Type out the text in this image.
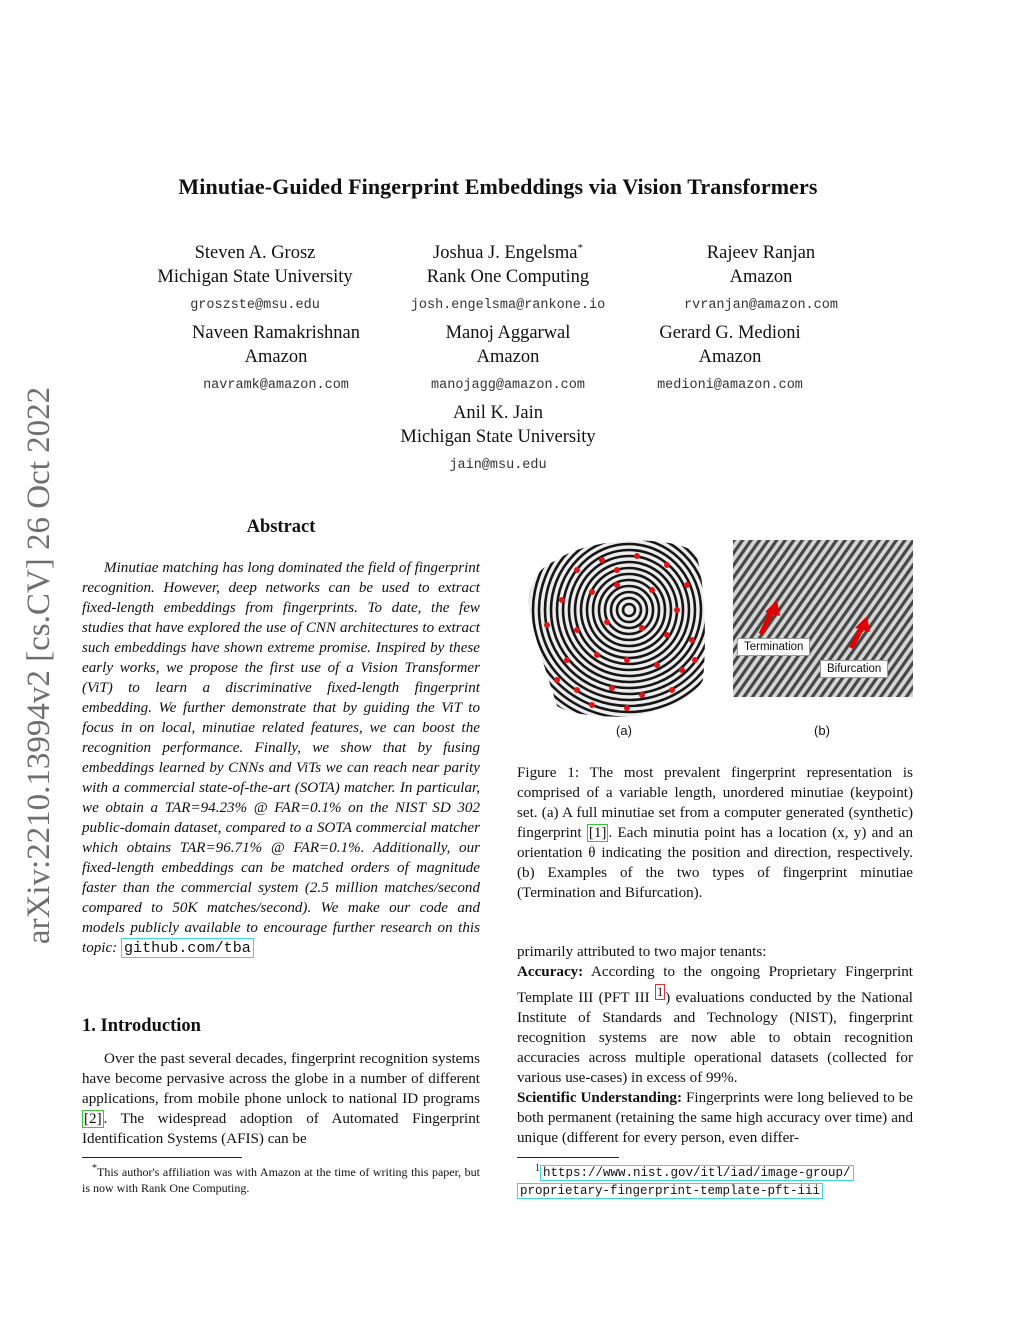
arXiv:2210.13994v2 [cs.CV] 26 Oct 2022
Minutiae-Guided Fingerprint Embeddings via Vision Transformers
Steven A. Grosz
Michigan State University
groszste@msu.edu
Joshua J. Engelsma*
Rank One Computing
josh.engelsma@rankone.io
Rajeev Ranjan
Amazon
rvranjan@amazon.com
Naveen Ramakrishnan
Amazon
navramk@amazon.com
Manoj Aggarwal
Amazon
manojagg@amazon.com
Gerard G. Medioni
Amazon
medioni@amazon.com
Anil K. Jain
Michigan State University
jain@msu.edu
Abstract
Minutiae matching has long dominated the field of fingerprint recognition. However, deep networks can be used to extract fixed-length embeddings from fingerprints. To date, the few studies that have explored the use of CNN architectures to extract such embeddings have shown extreme promise. Inspired by these early works, we propose the first use of a Vision Transformer (ViT) to learn a discriminative fixed-length fingerprint embedding. We further demonstrate that by guiding the ViT to focus in on local, minutiae related features, we can boost the recognition performance. Finally, we show that by fusing embeddings learned by CNNs and ViTs we can reach near parity with a commercial state-of-the-art (SOTA) matcher. In particular, we obtain a TAR=94.23% @ FAR=0.1% on the NIST SD 302 public-domain dataset, compared to a SOTA commercial matcher which obtains TAR=96.71% @ FAR=0.1%. Additionally, our fixed-length embeddings can be matched orders of magnitude faster than the commercial system (2.5 million matches/second compared to 50K matches/second). We make our code and models publicly available to encourage further research on this topic: github.com/tba
1. Introduction
Over the past several decades, fingerprint recognition systems have become pervasive across the globe in a number of different applications, from mobile phone unlock to national ID programs [2] . The widespread adoption of Automated Fingerprint Identification Systems (AFIS) can be
*This author's affiliation was with Amazon at the time of writing this paper, but is now with Rank One Computing.
Termination
Bifurcation
(a)	(b)
Figure 1: The most prevalent fingerprint representation is comprised of a variable length, unordered minutiae (keypoint) set. (a) A full minutiae set from a computer generated (synthetic) fingerprint [1] . Each minutia point has a location (x, y) and an orientation θ indicating the position and direction, respectively. (b) Examples of the two types of fingerprint minutiae (Termination and Bifurcation).
primarily attributed to two major tenants:
Accuracy: According to the ongoing Proprietary Fingerprint Template III (PFT III $^1$ ) evaluations conducted by the National Institute of Standards and Technology (NIST), fingerprint recognition systems are now able to obtain recognition accuracies across multiple operational datasets (collected for various use-cases) in excess of 99%.
Scientific Understanding: Fingerprints were long believed to be both permanent (retaining the same high accuracy over time) and unique (different for every person, even differ-
$^1$ https://www.nist.gov/itl/iad/image-group/
proprietary-fingerprint-template-pft-iii
